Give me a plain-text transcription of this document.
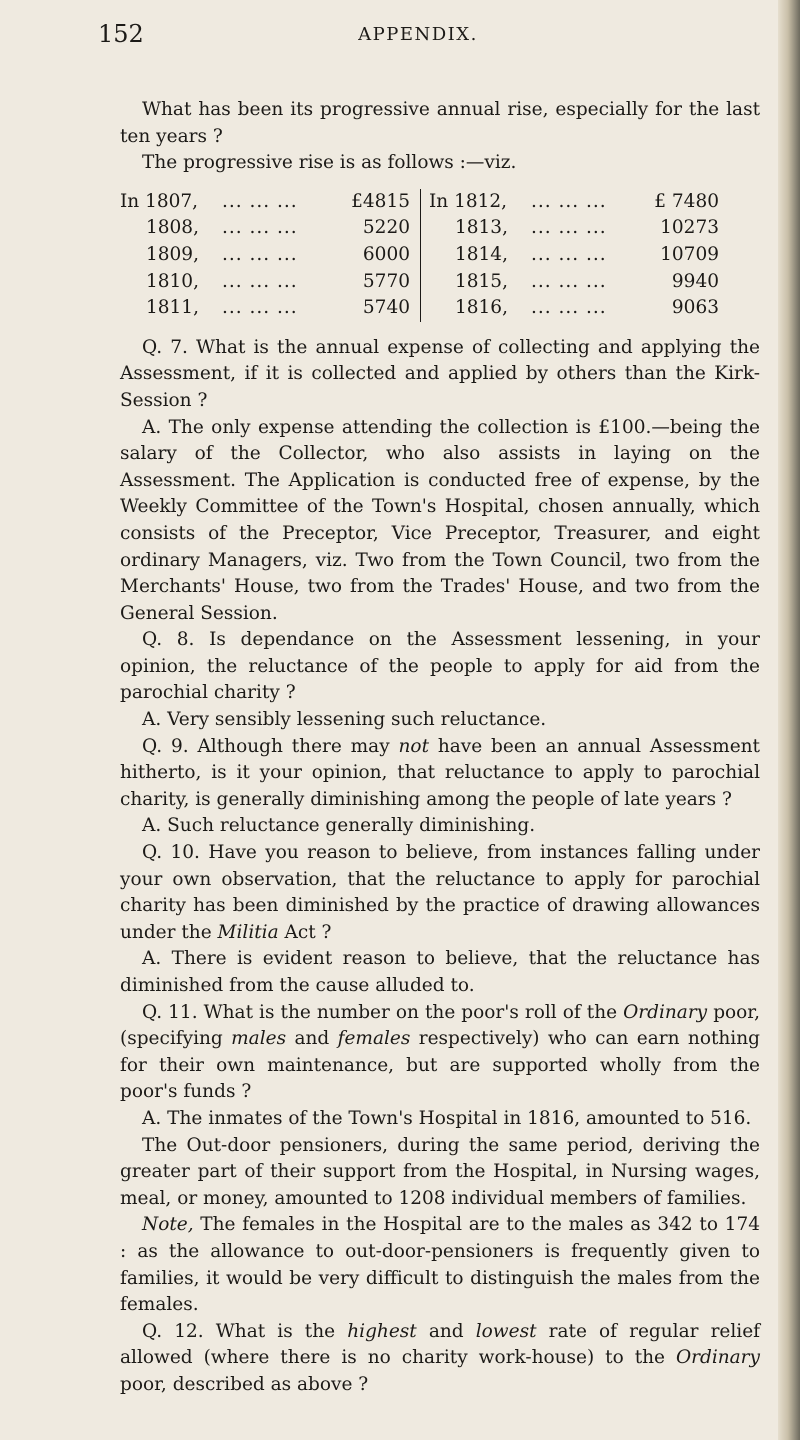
152	APPENDIX.

What has been its progressive annual rise, especially for the last ten years ?

The progressive rise is as follows :—viz.

In 1807,	... ... ...	£4815
1808,	... ... ...	5220
1809,	... ... ...	6000
1810,	... ... ...	5770
1811,	... ... ...	5740
In 1812,	... ... ...	£ 7480
1813,	... ... ...	10273
1814,	... ... ...	10709
1815,	... ... ...	9940
1816,	... ... ...	9063

Q. 7. What is the annual expense of collecting and applying the Assessment, if it is collected and applied by others than the Kirk-Session ?

A. The only expense attending the collection is £100.—being the salary of the Collector, who also assists in laying on the Assessment. The Application is conducted free of expense, by the Weekly Committee of the Town's Hospital, chosen annually, which consists of the Preceptor, Vice Preceptor, Treasurer, and eight ordinary Managers, viz. Two from the Town Council, two from the Merchants' House, two from the Trades' House, and two from the General Session.

Q. 8. Is dependance on the Assessment lessening, in your opinion, the reluctance of the people to apply for aid from the parochial charity ?

A. Very sensibly lessening such reluctance.

Q. 9. Although there may not have been an annual Assessment hitherto, is it your opinion, that reluctance to apply to parochial charity, is generally diminishing among the people of late years ?

A. Such reluctance generally diminishing.

Q. 10. Have you reason to believe, from instances falling under your own observation, that the reluctance to apply for parochial charity has been diminished by the practice of drawing allowances under the Militia Act ?

A. There is evident reason to believe, that the reluctance has diminished from the cause alluded to.

Q. 11. What is the number on the poor's roll of the Ordinary poor, (specifying males and females respectively) who can earn nothing for their own maintenance, but are supported wholly from the poor's funds ?

A. The inmates of the Town's Hospital in 1816, amounted to 516.

The Out-door pensioners, during the same period, deriving the greater part of their support from the Hospital, in Nursing wages, meal, or money, amounted to 1208 individual members of families.

Note, The females in the Hospital are to the males as 342 to 174 : as the allowance to out-door-pensioners is frequently given to families, it would be very difficult to distinguish the males from the females.

Q. 12. What is the highest and lowest rate of regular relief allowed (where there is no charity work-house) to the Ordinary poor, described as above ?
